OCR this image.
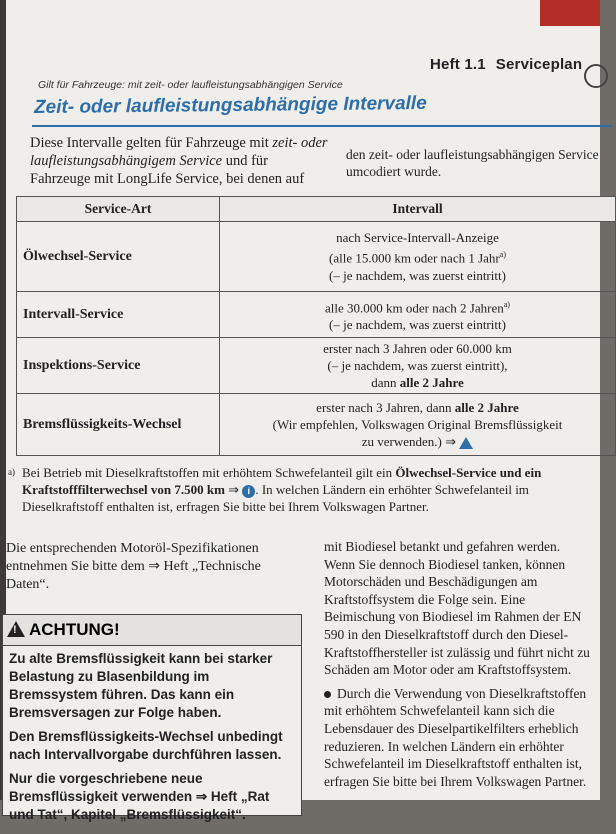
Heft 1.1 Serviceplan
Gilt für Fahrzeuge: mit zeit- oder laufleistungsabhängigen Service
Zeit- oder laufleistungsabhängige Intervalle
Diese Intervalle gelten für Fahrzeuge mit zeit- oder laufleistungsabhängigem Service und für Fahrzeuge mit LongLife Service, bei denen auf
den zeit- oder laufleistungsabhängigen Service umcodiert wurde.
Service-Art	Intervall
Ölwechsel-Service	nach Service-Intervall-Anzeige
(alle 15.000 km oder nach 1 Jahr$^{a)}$
(– je nachdem, was zuerst eintritt)

Intervall-Service	alle 30.000 km oder nach 2 Jahren$^{a)}$
(– je nachdem, was zuerst eintritt)

Inspektions-Service	erster nach 3 Jahren oder 60.000 km
(– je nachdem, was zuerst eintritt),
dann alle 2 Jahre

Bremsflüssigkeits-Wechsel	erster nach 3 Jahren, dann alle 2 Jahre
(Wir empfehlen, Volkswagen Original Bremsflüssigkeit
zu verwenden.) ⇒
a) Bei Betrieb mit Dieselkraftstoffen mit erhöhtem Schwefelanteil gilt ein Ölwechsel-Service und ein Kraftstofffilterwechsel von 7.500 km ⇒ i . In welchen Ländern ein erhöhter Schwefelanteil im Dieselkraftstoff enthalten ist, erfragen Sie bitte bei Ihrem Volkswagen Partner.
Die entsprechenden Motoröl-Spezifikationen entnehmen Sie bitte dem ⇒ Heft „Technische Daten“.
!
ACHTUNG!

Zu alte Bremsflüssigkeit kann bei starker Belastung zu Blasenbildung im Bremssystem führen. Das kann ein Bremsversagen zur Folge haben.

Den Bremsflüssigkeits-Wechsel unbedingt nach Intervallvorgabe durchführen lassen.

Nur die vorgeschriebene neue Bremsflüssigkeit verwenden ⇒ Heft „Rat und Tat“, Kapitel „Bremsflüssigkeit“.

mit Biodiesel betankt und gefahren werden. Wenn Sie dennoch Biodiesel tanken, können Motorschäden und Beschädigungen am Kraftstoffsystem die Folge sein. Eine Beimischung von Biodiesel im Rahmen der EN 590 in den Dieselkraftstoff durch den Diesel-Kraftstoffhersteller ist zulässig und führt nicht zu Schäden am Motor oder am Kraftstoffsystem.

Durch die Verwendung von Dieselkraftstoffen mit erhöhtem Schwefelanteil kann sich die Lebensdauer des Dieselpartikelfilters erheblich reduzieren. In welchen Ländern ein erhöhter Schwefelanteil im Dieselkraftstoff enthalten ist, erfragen Sie bitte bei Ihrem Volkswagen Partner.
